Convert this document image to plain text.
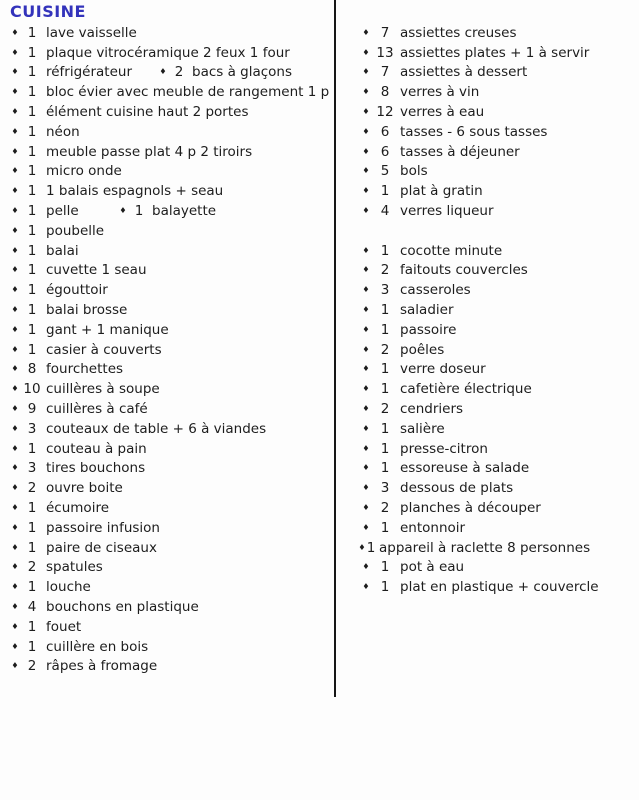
CUISINE
♦ 1 lave vaisselle
♦ 1 plaque vitrocéramique 2 feux 1 four
♦ 1 réfrigérateur	♦ 2 bacs à glaçons
♦ 1 bloc évier avec meuble de rangement 1 p
♦ 1 élément cuisine haut 2 portes
♦ 1 néon
♦ 1 meuble passe plat 4 p 2 tiroirs
♦ 1 micro onde
♦ 1 1 balais espagnols + seau
♦ 1 pelle	♦ 1 balayette
♦ 1 poubelle
♦ 1 balai
♦ 1 cuvette 1 seau
♦ 1 égouttoir
♦ 1 balai brosse
♦ 1 gant + 1 manique
♦ 1 casier à couverts
♦ 8 fourchettes
♦ 10 cuillères à soupe
♦ 9 cuillères à café
♦ 3 couteaux de table + 6 à viandes
♦ 1 couteau à pain
♦ 3 tires bouchons
♦ 2 ouvre boite
♦ 1 écumoire
♦ 1 passoire infusion
♦ 1 paire de ciseaux
♦ 2 spatules
♦ 1 louche
♦ 4 bouchons en plastique
♦ 1 fouet
♦ 1 cuillère en bois
♦ 2 râpes à fromage
♦ 7 assiettes creuses
♦ 13 assiettes plates + 1 à servir
♦ 7 assiettes à dessert
♦ 8 verres à vin
♦ 12 verres à eau
♦ 6 tasses - 6 sous tasses
♦ 6 tasses à déjeuner
♦ 5 bols
♦ 1 plat à gratin
♦ 4 verres liqueur
♦ 1 cocotte minute
♦ 2 faitouts couvercles
♦ 3 casseroles
♦ 1 saladier
♦ 1 passoire
♦ 2 poêles
♦ 1 verre doseur
♦ 1 cafetière électrique
♦ 2 cendriers
♦ 1 salière
♦ 1 presse-citron
♦ 1 essoreuse à salade
♦ 3 dessous de plats
♦ 2 planches à découper
♦ 1 entonnoir
♦ 1 appareil à raclette 8 personnes
♦ 1 pot à eau
♦ 1 plat en plastique + couvercle
